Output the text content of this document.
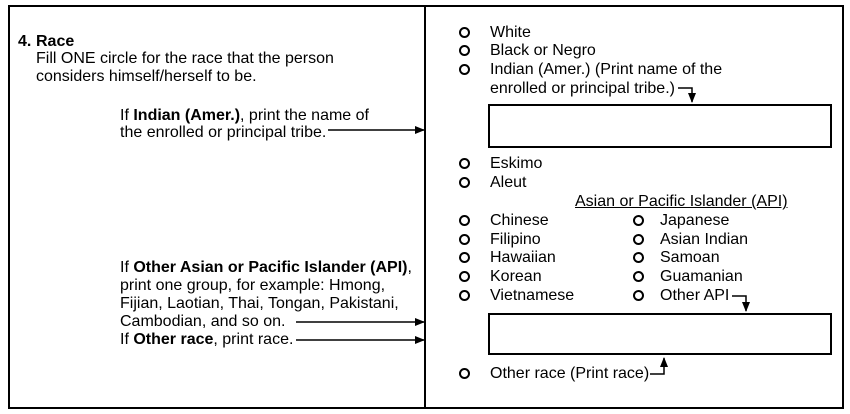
4. Race
Fill ONE circle for the race that the person
considers himself/herself to be.
If Indian (Amer.), print the name of
the enrolled or principal tribe.
If Other Asian or Pacific Islander (API),
print one group, for example: Hmong,
Fijian, Laotian, Thai, Tongan, Pakistani,
Cambodian, and so on.
If Other race, print race.
White
Black or Negro
Indian (Amer.) (Print name of the
enrolled or principal tribe.)
Eskimo
Aleut
Asian or Pacific Islander (API)
Chinese
Filipino
Hawaiian
Korean
Vietnamese
Japanese
Asian Indian
Samoan
Guamanian
Other API
Other race (Print race)
